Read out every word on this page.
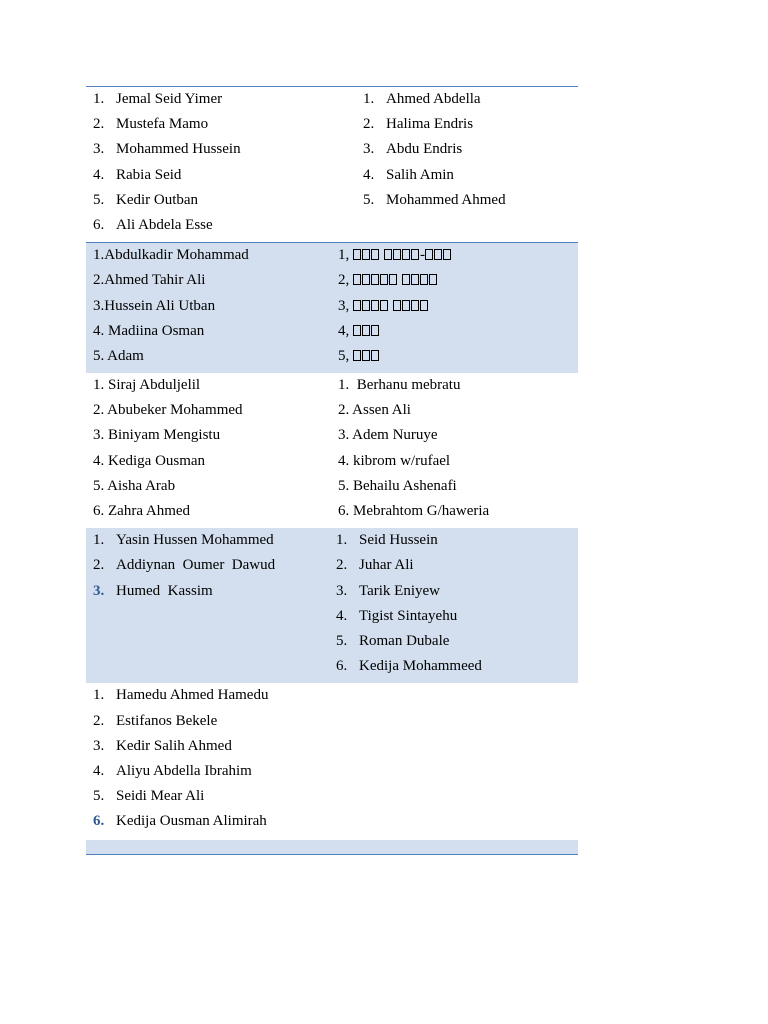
1. Jemal Seid Yimer
2. Mustefa Mamo
3. Mohammed Hussein
4. Rabia Seid
5. Kedir Outban
6. Ali Abdela Esse
1. Ahmed Abdella
2. Halima Endris
3. Abdu Endris
4. Salih Amin
5. Mohammed Ahmed
1.Abdulkadir Mohammad
2.Ahmed Tahir Ali
3.Hussein Ali Utban
4. Madiina Osman
5. Adam
1,	-
2,

3,

4,
5,
1. Siraj Abduljelil
2. Abubeker Mohammed
3. Biniyam Mengistu
4. Kediga Ousman
5. Aisha Arab
6. Zahra Ahmed
1.  Berhanu mebratu
2. Assen Ali
3. Adem Nuruye
4. kibrom w/rufael
5. Behailu Ashenafi
6. Mebrahtom G/haweria
1. Yasin Hussen Mohammed
2. Addiynan  Oumer  Dawud
3. Humed  Kassim
1. Seid Hussein
2. Juhar Ali
3. Tarik Eniyew
4. Tigist Sintayehu
5. Roman Dubale
6. Kedija Mohammeed
1. Hamedu Ahmed Hamedu
2. Estifanos Bekele
3. Kedir Salih Ahmed
4. Aliyu Abdella Ibrahim
5. Seidi Mear Ali
6. Kedija Ousman Alimirah
